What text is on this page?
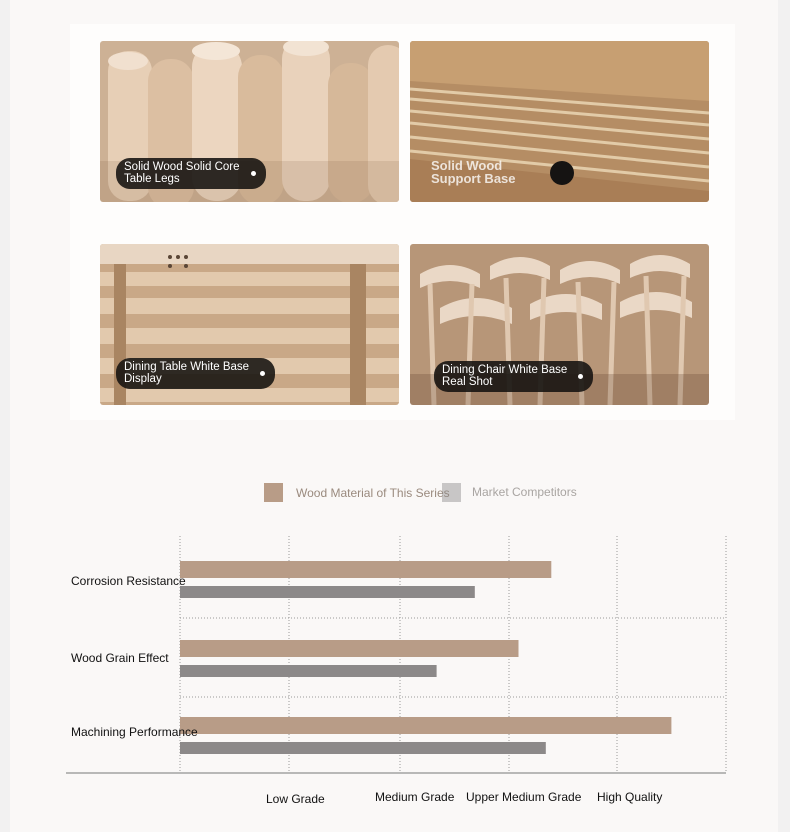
Solid Wood Solid Core
Table Legs
Solid Wood
Support Base
Dining Table White Base
Display
Dining Chair White Base
Real Shot
Wood Material of This Series Market Competitors
Corrosion Resistance
Wood Grain Effect
Machining Performance
Low Grade	Medium Grade Upper Medium Grade High Quality
